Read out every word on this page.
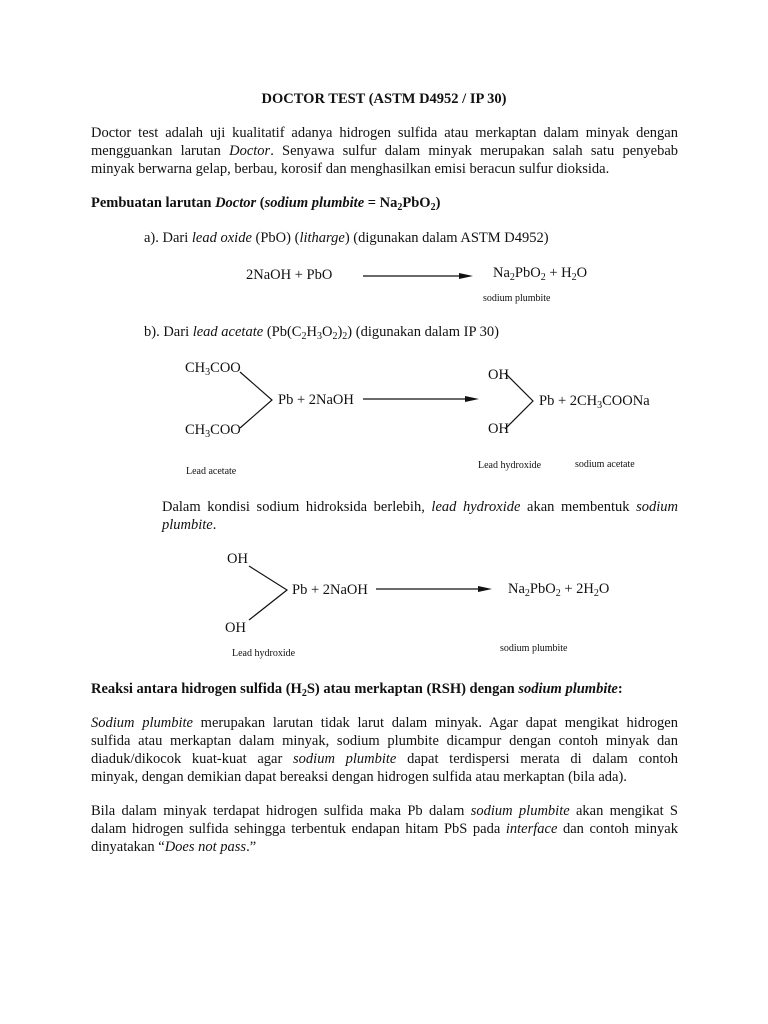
DOCTOR TEST (ASTM D4952 / IP 30)
Doctor test adalah uji kualitatif adanya hidrogen sulfida atau merkaptan dalam minyak dengan
mengguankan larutan Doctor. Senyawa sulfur dalam minyak merupakan salah satu penyebab
minyak berwarna gelap, berbau, korosif dan menghasilkan emisi beracun sulfur dioksida.
Pembuatan larutan Doctor (sodium plumbite = $Na_2PbO_2$)
a). Dari lead oxide (PbO) (litharge) (digunakan dalam ASTM D4952)
2NaOH + PbO	$Na_2PbO_2 + H_2O$
sodium plumbite
b). Dari lead acetate $(Pb(C_2H_3O_2)_2)$ (digunakan dalam IP 30)
$CH_3COO$
$CH_3COO$
Pb + 2NaOH
OH
OH
$Pb + 2CH_3COONa$
Lead acetate
Lead hydroxide	sodium acetate
Dalam kondisi sodium hidroksida berlebih, lead hydroxide akan membentuk sodium
plumbite.
OH
OH
Pb + 2NaOH	$Na_2PbO_2 + 2H_2O$
Lead hydroxide	sodium plumbite
Reaksi antara hidrogen sulfida $(H_2S)$ atau merkaptan (RSH) dengan sodium plumbite:
Sodium plumbite merupakan larutan tidak larut dalam minyak. Agar dapat mengikat hidrogen
sulfida atau merkaptan dalam minyak, sodium plumbite dicampur dengan contoh minyak dan
diaduk/dikocok kuat-kuat agar sodium plumbite dapat terdispersi merata di dalam contoh
minyak, dengan demikian dapat bereaksi dengan hidrogen sulfida atau merkaptan (bila ada).
Bila dalam minyak terdapat hidrogen sulfida maka Pb dalam sodium plumbite akan mengikat S
dalam hidrogen sulfida sehingga terbentuk endapan hitam PbS pada interface dan contoh minyak
dinyatakan “Does not pass.”
